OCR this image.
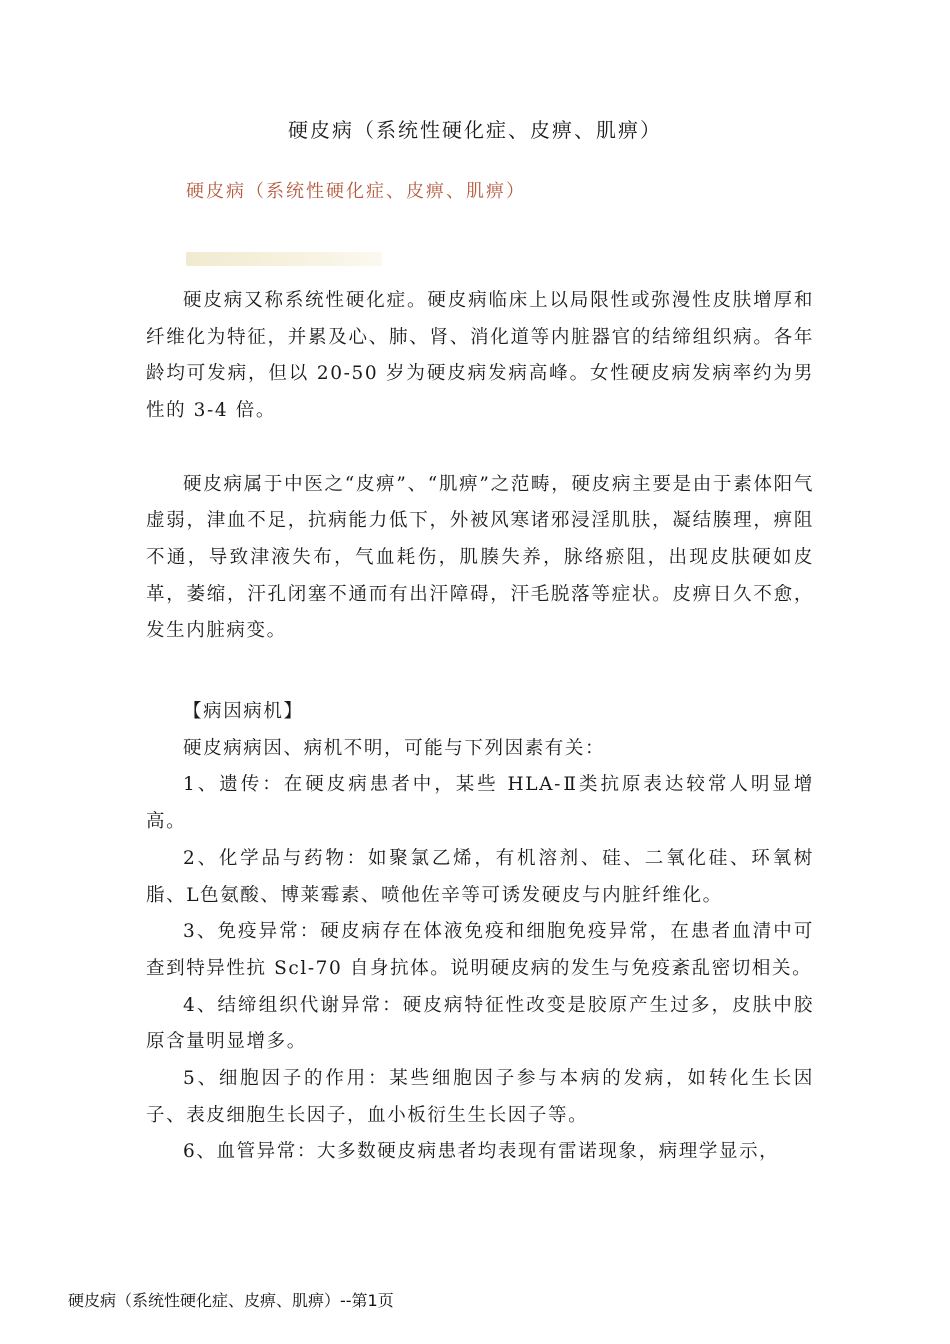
硬皮病（系统性硬化症、皮痹、肌痹）
硬皮病（系统性硬化症、皮痹、肌痹）

硬皮病又称系统性硬化症。硬皮病临床上以局限性或弥漫性皮肤增厚和纤维化为特征，并累及心、肺、肾、消化道等内脏器官的结缔组织病。各年龄均可发病，但以 20-50 岁为硬皮病发病高峰。女性硬皮病发病率约为男性的 3-4 倍。

硬皮病属于中医之“皮痹”、“肌痹”之范畴，硬皮病主要是由于素体阳气虚弱，津血不足，抗病能力低下，外被风寒诸邪浸淫肌肤，凝结腠理，痹阻不通，导致津液失布，气血耗伤，肌腠失养，脉络瘀阻，出现皮肤硬如皮革，萎缩，汗孔闭塞不通而有出汗障碍，汗毛脱落等症状。皮痹日久不愈，发生内脏病变。

【病因病机】

硬皮病病因、病机不明，可能与下列因素有关：

1、遗传：在硬皮病患者中，某些 HLA-Ⅱ类抗原表达较常人明显增高。

2、化学品与药物：如聚氯乙烯，有机溶剂、硅、二氧化硅、环氧树脂、L色氨酸、博莱霉素、喷他佐辛等可诱发硬皮与内脏纤维化。

3、免疫异常：硬皮病存在体液免疫和细胞免疫异常，在患者血清中可查到特异性抗 Scl-70 自身抗体。说明硬皮病的发生与免疫紊乱密切相关。

4、结缔组织代谢异常：硬皮病特征性改变是胶原产生过多，皮肤中胶原含量明显增多。

5、细胞因子的作用：某些细胞因子参与本病的发病，如转化生长因子、表皮细胞生长因子，血小板衍生生长因子等。

6、血管异常：大多数硬皮病患者均表现有雷诺现象，病理学显示，

硬皮病（系统性硬化症、皮痹、肌痹）--第1页
